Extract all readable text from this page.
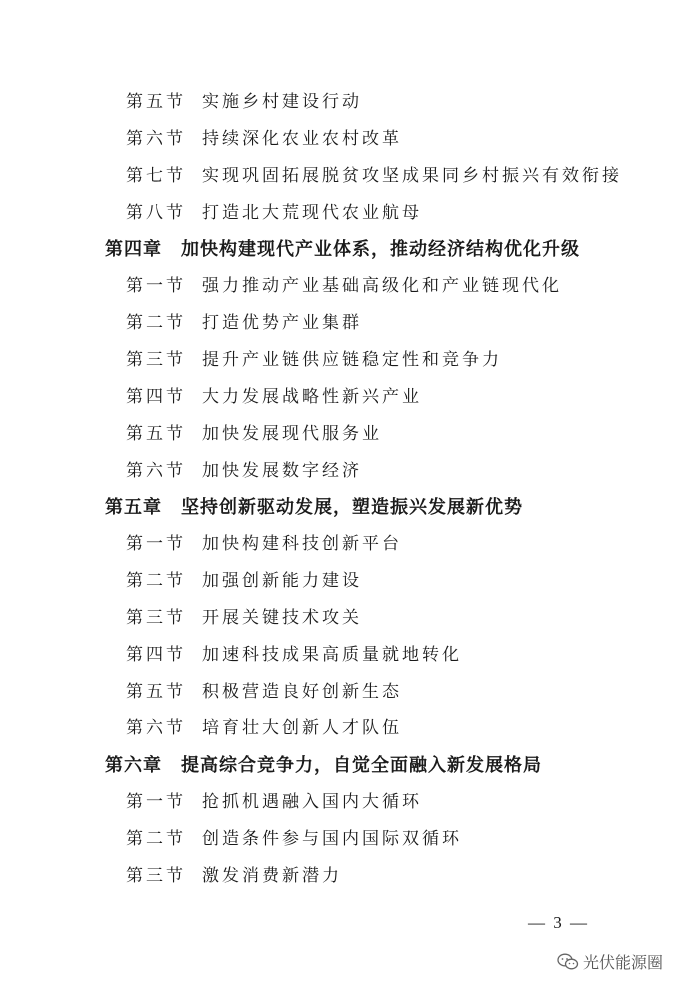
第五节 实施乡村建设行动
第六节 持续深化农业农村改革
第七节 实现巩固拓展脱贫攻坚成果同乡村振兴有效衔接
第八节 打造北大荒现代农业航母
第四章 加快构建现代产业体系，推动经济结构优化升级
第一节 强力推动产业基础高级化和产业链现代化
第二节 打造优势产业集群
第三节 提升产业链供应链稳定性和竞争力
第四节 大力发展战略性新兴产业
第五节 加快发展现代服务业
第六节 加快发展数字经济
第五章 坚持创新驱动发展，塑造振兴发展新优势
第一节 加快构建科技创新平台
第二节 加强创新能力建设
第三节 开展关键技术攻关
第四节 加速科技成果高质量就地转化
第五节 积极营造良好创新生态
第六节 培育壮大创新人才队伍
第六章 提高综合竞争力，自觉全面融入新发展格局
第一节 抢抓机遇融入国内大循环
第二节 创造条件参与国内国际双循环
第三节 激发消费新潜力
— 3 —
光伏能源圈
